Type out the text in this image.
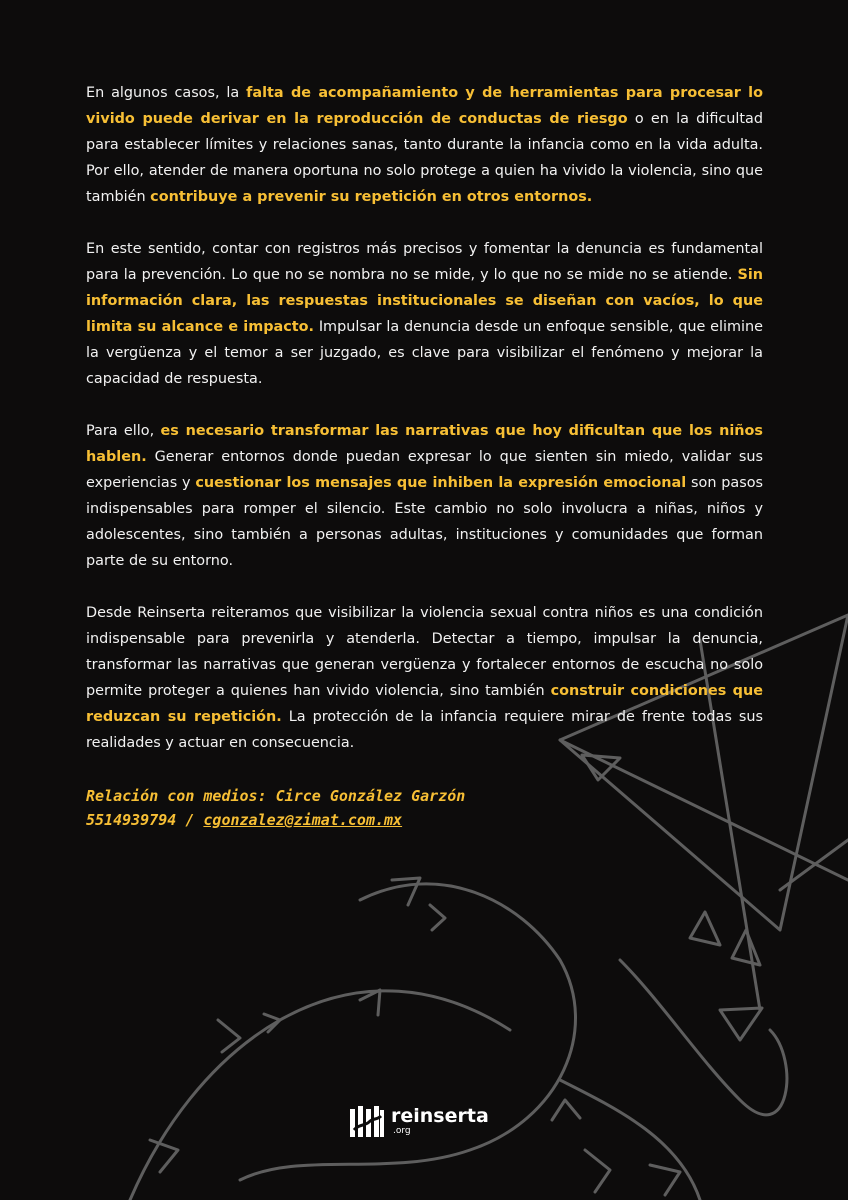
En algunos casos, la falta de acompañamiento y de herramientas para procesar lo vivido puede derivar en la reproducción de conductas de riesgo o en la dificultad para establecer límites y relaciones sanas, tanto durante la infancia como en la vida adulta. Por ello, atender de manera oportuna no solo protege a quien ha vivido la violencia, sino que también contribuye a prevenir su repetición en otros entornos.

En este sentido, contar con registros más precisos y fomentar la denuncia es fundamental para la prevención. Lo que no se nombra no se mide, y lo que no se mide no se atiende. Sin información clara, las respuestas institucionales se diseñan con vacíos, lo que limita su alcance e impacto. Impulsar la denuncia desde un enfoque sensible, que elimine la vergüenza y el temor a ser juzgado, es clave para visibilizar el fenómeno y mejorar la capacidad de respuesta.

Para ello, es necesario transformar las narrativas que hoy dificultan que los niños hablen. Generar entornos donde puedan expresar lo que sienten sin miedo, validar sus experiencias y cuestionar los mensajes que inhiben la expresión emocional son pasos indispensables para romper el silencio. Este cambio no solo involucra a niñas, niños y adolescentes, sino también a personas adultas, instituciones y comunidades que forman parte de su entorno.

Desde Reinserta reiteramos que visibilizar la violencia sexual contra niños es una condición indispensable para prevenirla y atenderla. Detectar a tiempo, impulsar la denuncia, transformar las narrativas que generan vergüenza y fortalecer entornos de escucha no solo permite proteger a quienes han vivido violencia, sino también construir condiciones que reduzcan su repetición. La protección de la infancia requiere mirar de frente todas sus realidades y actuar en consecuencia.

Relación con medios: Circe González Garzón
5514939794 / cgonzalez@zimat.com.mx
reinserta
.org
